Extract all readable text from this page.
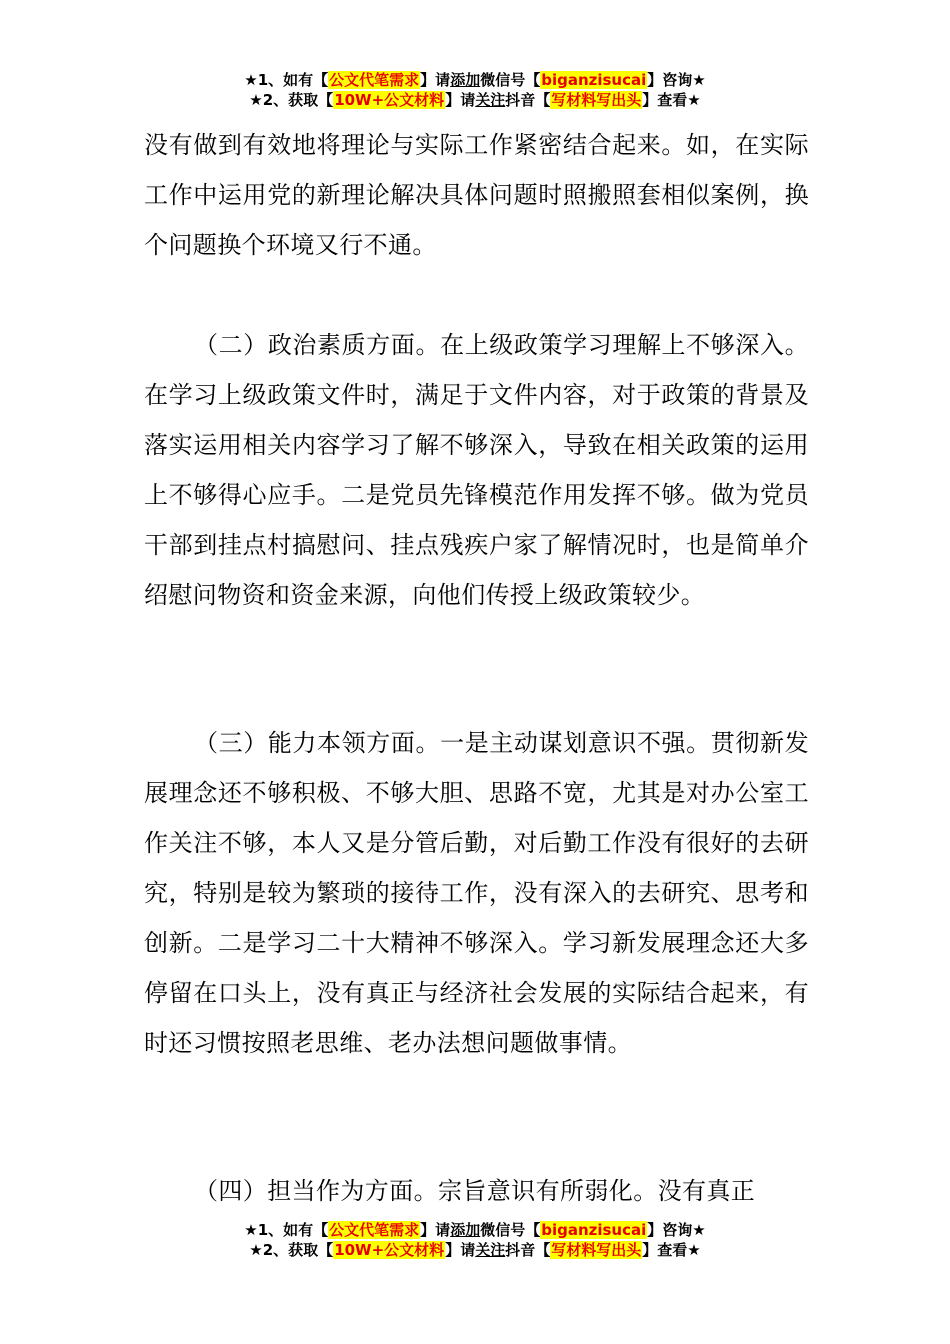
★1、如有【公文代笔需求】请添加微信号【biganzisucai】咨询★
★2、获取【10W+公文材料】请关注抖音【写材料写出头】查看★

没有做到有效地将理论与实际工作紧密结合起来。如，在实际工作中运用党的新理论解决具体问题时照搬照套相似案例，换个问题换个环境又行不通。

（二）政治素质方面。在上级政策学习理解上不够深入。在学习上级政策文件时，满足于文件内容，对于政策的背景及落实运用相关内容学习了解不够深入，导致在相关政策的运用上不够得心应手。二是党员先锋模范作用发挥不够。做为党员干部到挂点村搞慰问、挂点残疾户家了解情况时，也是简单介绍慰问物资和资金来源，向他们传授上级政策较少。

（三）能力本领方面。一是主动谋划意识不强。贯彻新发展理念还不够积极、不够大胆、思路不宽，尤其是对办公室工作关注不够，本人又是分管后勤，对后勤工作没有很好的去研究，特别是较为繁琐的接待工作，没有深入的去研究、思考和创新。二是学习二十大精神不够深入。学习新发展理念还大多停留在口头上，没有真正与经济社会发展的实际结合起来，有时还习惯按照老思维、老办法想问题做事情。

（四）担当作为方面。宗旨意识有所弱化。没有真正

★1、如有【公文代笔需求】请添加微信号【biganzisucai】咨询★
★2、获取【10W+公文材料】请关注抖音【写材料写出头】查看★
